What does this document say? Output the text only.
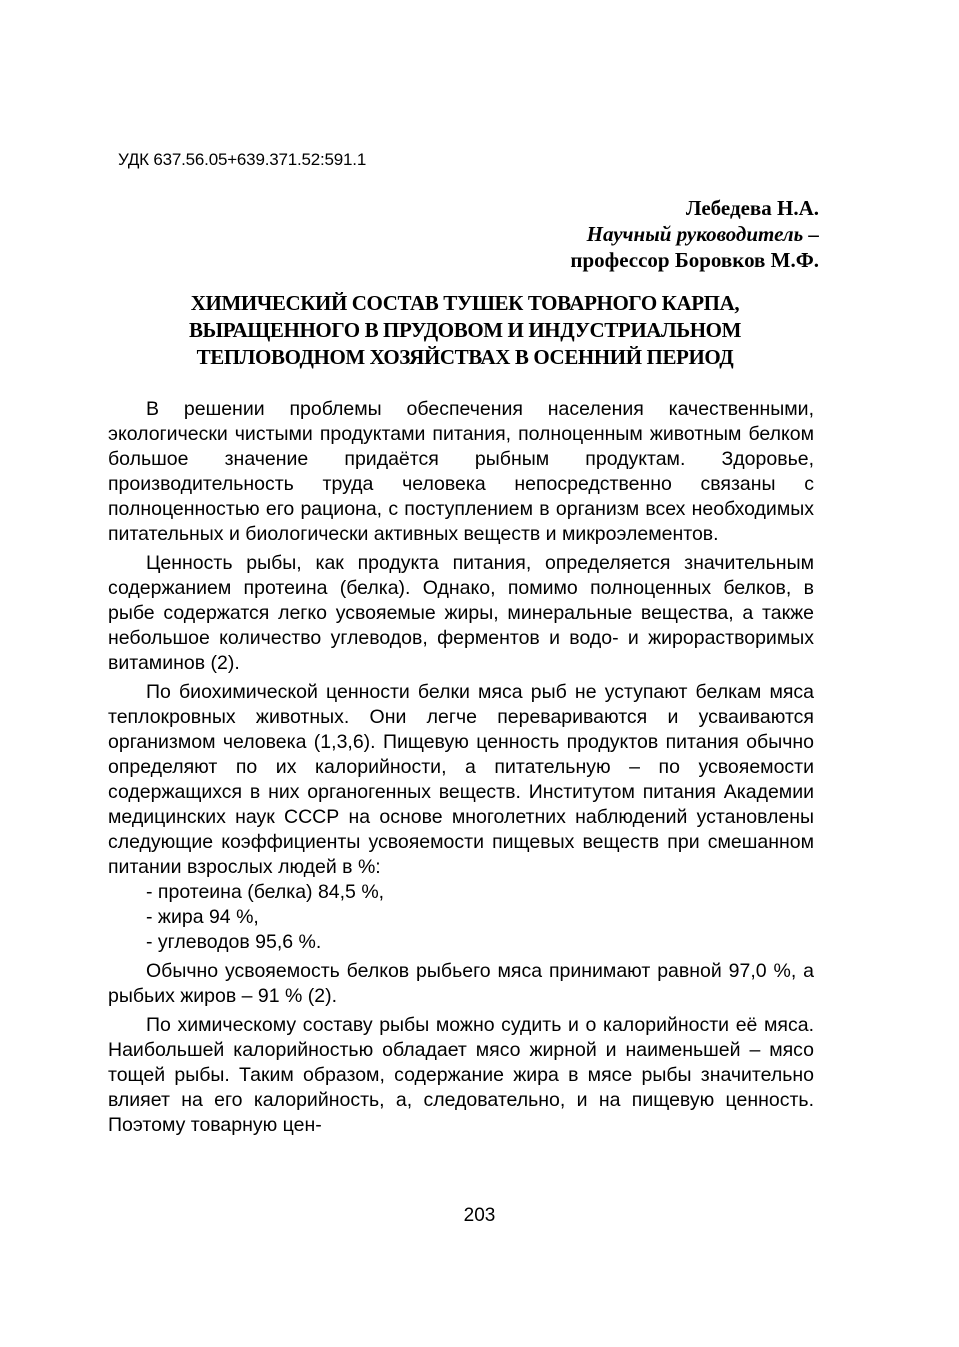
УДК 637.56.05+639.371.52:591.1
Лебедева Н.А.
Научный руководитель –
профессор Боровков М.Ф.
ХИМИЧЕСКИЙ СОСТАВ ТУШЕК ТОВАРНОГО КАРПА,
ВЫРАЩЕННОГО В ПРУДОВОМ И ИНДУСТРИАЛЬНОМ
ТЕПЛОВОДНОМ ХОЗЯЙСТВАХ В ОСЕННИЙ ПЕРИОД

В решении проблемы обеспечения населения качественными, экологически чистыми продуктами питания, полноценным животным белком большое значение придаётся рыбным продуктам. Здоровье, производительность труда человека непосредственно связаны с полноценностью его рациона, с поступлением в организм всех необходимых питательных и биологически активных веществ и микроэлементов.

Ценность рыбы, как продукта питания, определяется значительным содержанием протеина (белка). Однако, помимо полноценных белков, в рыбе содержатся легко усвояемые жиры, минеральные вещества, а также небольшое количество углеводов, ферментов и водо- и жирорастворимых витаминов (2).

По биохимической ценности белки мяса рыб не уступают белкам мяса теплокровных животных. Они легче перевариваются и усваиваются организмом человека (1,3,6). Пищевую ценность продуктов питания обычно определяют по их калорийности, а питательную – по усвояемости содержащихся в них органогенных веществ. Институтом питания Академии медицинских наук СССР на основе многолетних наблюдений установлены следующие коэффициенты усвояемости пищевых веществ при смешанном питании взрослых людей в %:

- протеина (белка) 84,5 %,
- жира 94 %,
- углеводов 95,6 %.

Обычно усвояемость белков рыбьего мяса принимают равной 97,0 %, а рыбьих жиров – 91 % (2).

По химическому составу рыбы можно судить и о калорийности её мяса. Наибольшей калорийностью обладает мясо жирной и наименьшей – мясо тощей рыбы. Таким образом, содержание жира в мясе рыбы значительно влияет на его калорийность, а, следовательно, и на пищевую ценность. Поэтому товарную цен-

203
